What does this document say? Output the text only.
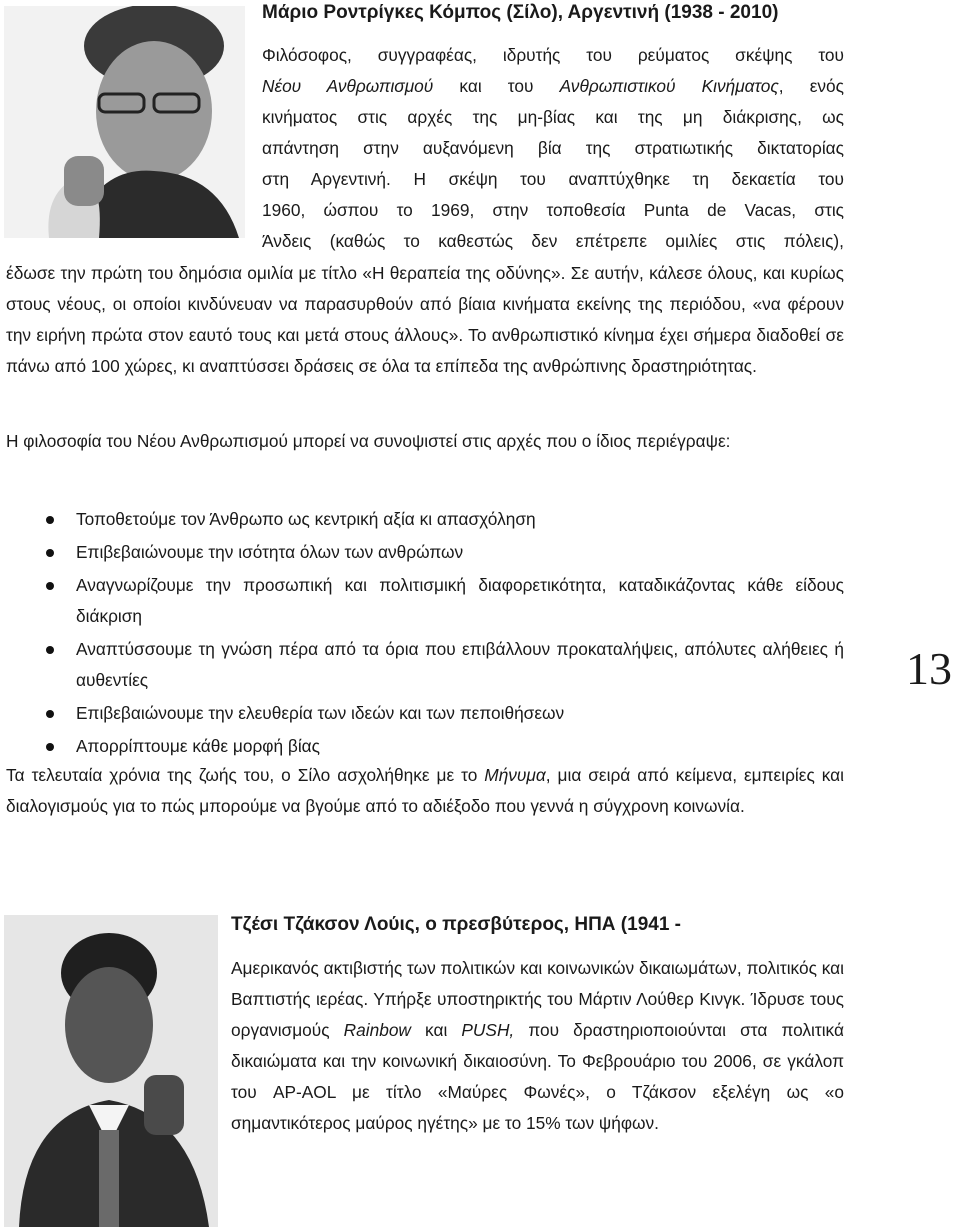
Μάριο Ροντρίγκες Κόμπος (Σίλο), Αργεντινή (1938 - 2010)

Φιλόσοφος, συγγραφέας, ιδρυτής του ρεύματος σκέψης του

Νέου Ανθρωπισμού και του Ανθρωπιστικού Κινήματος, ενός

κινήματος στις αρχές της μη-βίας και της μη διάκρισης, ως

απάντηση στην αυξανόμενη βία της στρατιωτικής δικτατορίας

στη Αργεντινή. Η σκέψη του αναπτύχθηκε τη δεκαετία του

1960, ώσπου το 1969, στην τοποθεσία Punta de Vacas, στις

Άνδεις (καθώς το καθεστώς δεν επέτρεπε ομιλίες στις πόλεις),

έδωσε την πρώτη του δημόσια ομιλία με τίτλο «Η θεραπεία της οδύνης». Σε αυτήν, κάλεσε όλους, και κυρίως στους νέους, οι οποίοι κινδύνευαν να παρασυρθούν από βίαια κινήματα εκείνης της περιόδου, «να φέρουν την ειρήνη πρώτα στον εαυτό τους και μετά στους άλλους». Το ανθρωπιστικό κίνημα έχει σήμερα διαδοθεί σε πάνω από 100 χώρες, κι αναπτύσσει δράσεις σε όλα τα επίπεδα της ανθρώπινης δραστηριότητας.

Η φιλοσοφία του Νέου Ανθρωπισμού μπορεί να συνοψιστεί στις αρχές που ο ίδιος περιέγραψε:

Τοποθετούμε τον Άνθρωπο ως κεντρική αξία κι απασχόληση
Επιβεβαιώνουμε την ισότητα όλων των ανθρώπων
Αναγνωρίζουμε την προσωπική και πολιτισμική διαφορετικότητα, καταδικάζοντας κάθε είδους διάκριση
Αναπτύσσουμε τη γνώση πέρα από τα όρια που επιβάλλουν προκαταλήψεις, απόλυτες αλήθειες ή αυθεντίες
Επιβεβαιώνουμε την ελευθερία των ιδεών και των πεποιθήσεων
Απορρίπτουμε κάθε μορφή βίας

Τα τελευταία χρόνια της ζωής του, ο Σίλο ασχολήθηκε με το Μήνυμα, μια σειρά από κείμενα, εμπειρίες και διαλογισμούς για το πώς μπορούμε να βγούμε από το αδιέξοδο που γεννά η σύγχρονη κοινωνία.

13
Τζέσι Τζάκσον Λούις, ο πρεσβύτερος, ΗΠΑ (1941 -

Αμερικανός ακτιβιστής των πολιτικών και κοινωνικών δικαιωμάτων, πολιτικός και Βαπτιστής ιερέας. Υπήρξε υποστηρικτής του Μάρτιν Λούθερ Κινγκ. Ίδρυσε τους οργανισμούς Rainbow και PUSH, που δραστηριοποιούνται στα πολιτικά δικαιώματα και την κοινωνική δικαιοσύνη. Το Φεβρουάριο του 2006, σε γκάλοπ του AP-AOL με τίτλο «Μαύρες Φωνές», ο Τζάκσον εξελέγη ως «ο σημαντικότερος μαύρος ηγέτης» με το 15% των ψήφων.
